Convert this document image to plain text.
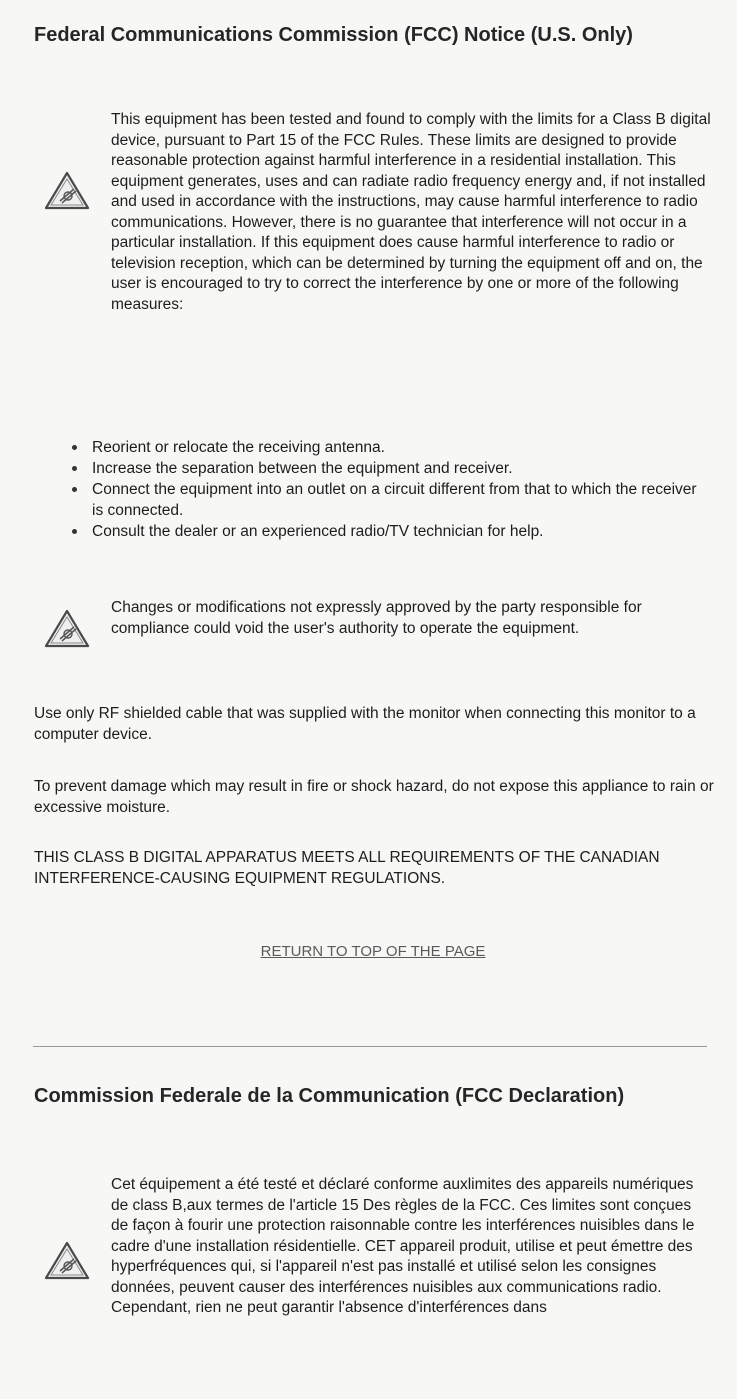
Federal Communications Commission (FCC) Notice (U.S. Only)

This equipment has been tested and found to comply with the limits for a Class B digital device, pursuant to Part 15 of the FCC Rules. These limits are designed to provide reasonable protection against harmful interference in a residential installation. This equipment generates, uses and can radiate radio frequency energy and, if not installed and used in accordance with the instructions, may cause harmful interference to radio communications. However, there is no guarantee that interference will not occur in a particular installation. If this equipment does cause harmful interference to radio or television reception, which can be determined by turning the equipment off and on, the user is encouraged to try to correct the interference by one or more of the following measures:

Reorient or relocate the receiving antenna.
Increase the separation between the equipment and receiver.
Connect the equipment into an outlet on a circuit different from that to which the receiver is connected.
Consult the dealer or an experienced radio/TV technician for help.

Changes or modifications not expressly approved by the party responsible for compliance could void the user's authority to operate the equipment.

Use only RF shielded cable that was supplied with the monitor when connecting this monitor to a computer device.

To prevent damage which may result in fire or shock hazard, do not expose this appliance to rain or excessive moisture.

THIS CLASS B DIGITAL APPARATUS MEETS ALL REQUIREMENTS OF THE CANADIAN INTERFERENCE-CAUSING EQUIPMENT REGULATIONS.

RETURN TO TOP OF THE PAGE
Commission Federale de la Communication (FCC Declaration)

Cet équipement a été testé et déclaré conforme auxlimites des appareils numériques de class B,aux termes de l'article 15 Des règles de la FCC. Ces limites sont conçues de façon à fourir une protection raisonnable contre les interférences nuisibles dans le cadre d'une installation résidentielle. CET appareil produit, utilise et peut émettre des hyperfréquences qui, si l'appareil n'est pas installé et utilisé selon les consignes données, peuvent causer des interférences nuisibles aux communications radio. Cependant, rien ne peut garantir l'absence d'interférences dans
